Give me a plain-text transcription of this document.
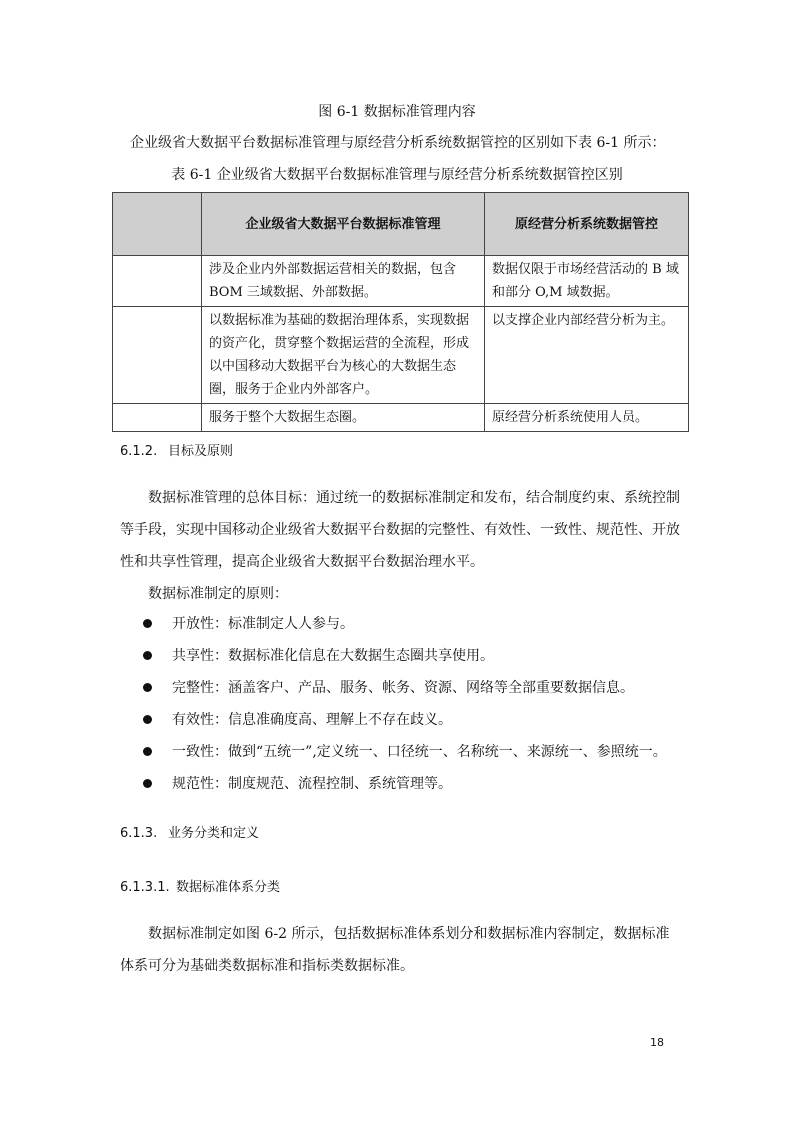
图 6-1 数据标准管理内容
企业级省大数据平台数据标准管理与原经营分析系统数据管控的区别如下表 6-1 所示：
表 6-1 企业级省大数据平台数据标准管理与原经营分析系统数据管控区别
	企业级省大数据平台数据标准管理	原经营分析系统数据管控
	涉及企业内外部数据运营相关的数据，包含BOM 三域数据、外部数据。	数据仅限于市场经营活动的 B 域和部分 O,M 域数据。
	以数据标准为基础的数据治理体系，实现数据的资产化，贯穿整个数据运营的全流程，形成以中国移动大数据平台为核心的大数据生态圈，服务于企业内外部客户。	以支撑企业内部经营分析为主。
	服务于整个大数据生态圈。	原经营分析系统使用人员。
6.1.2. 目标及原则
数据标准管理的总体目标：通过统一的数据标准制定和发布，结合制度约束、系统控制等手段，实现中国移动企业级省大数据平台数据的完整性、有效性、一致性、规范性、开放性和共享性管理，提高企业级省大数据平台数据治理水平。
数据标准制定的原则：
开放性：标准制定人人参与。
共享性：数据标准化信息在大数据生态圈共享使用。
完整性：涵盖客户、产品、服务、帐务、资源、网络等全部重要数据信息。
有效性：信息准确度高、理解上不存在歧义。
一致性：做到“五统一”,定义统一、口径统一、名称统一、来源统一、参照统一。
规范性：制度规范、流程控制、系统管理等。
6.1.3. 业务分类和定义
6.1.3.1. 数据标准体系分类
数据标准制定如图 6-2 所示，包括数据标准体系划分和数据标准内容制定，数据标准体系可分为基础类数据标准和指标类数据标准。
18
